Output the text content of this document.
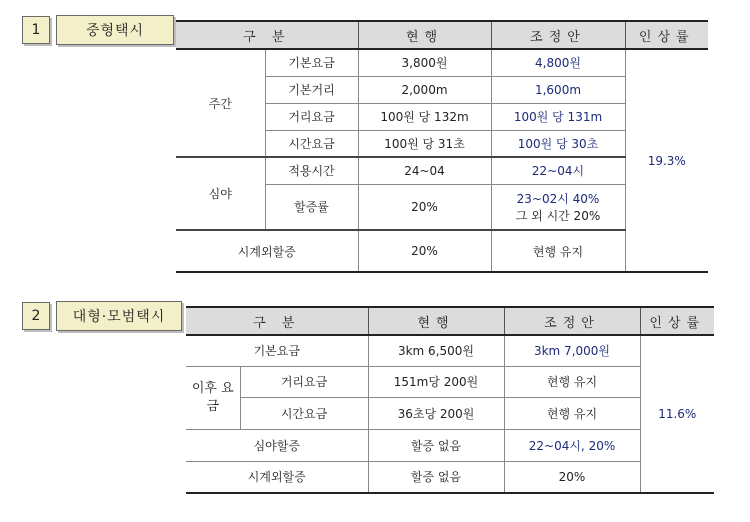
1	중형택시	구 분		현행	조정안	인상률
주간	기본요금	3,800원	4,800원	19.3%
	기본거리	2,000m	1,600m	
	거리요금	100원 당 132m	100원 당 131m	
	시간요금	100원 당 31초	100원 당 30초	
심야	적용시간	24~04	22~04시	
	할증률	20%	23~02시 40%
그 외 시간 20%	

시계외할증		20%	현행 유지	
2	대형·모범택시	구 분		현행	조정안	인상률
기본요금		3km 6,500원	3km 7,000원	11.6%

이후 요
금	거리요금	151m당 200원	현행 유지	
	시간요금	36초당 200원	현행 유지	
심야할증		할증 없음	22~04시, 20%	
시계외할증		할증 없음	20%	
